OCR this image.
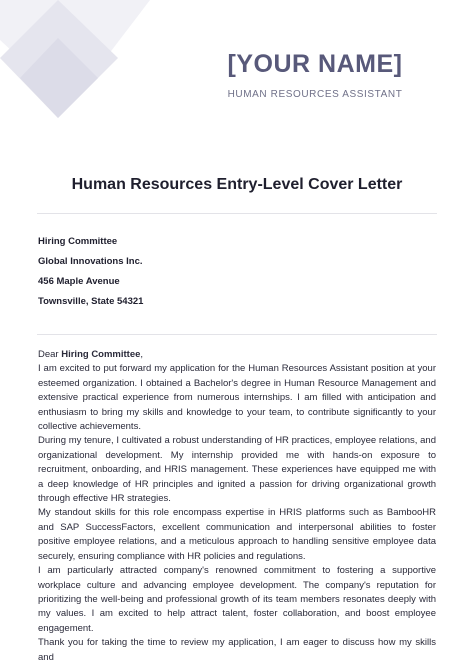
[YOUR NAME]
HUMAN RESOURCES ASSISTANT
Human Resources Entry-Level Cover Letter
Hiring Committee
Global Innovations Inc.
456 Maple Avenue
Townsville, State 54321

Dear Hiring Committee,

I am excited to put forward my application for the Human Resources Assistant position at your esteemed organization. I obtained a Bachelor's degree in Human Resource Management and extensive practical experience from numerous internships. I am filled with anticipation and enthusiasm to bring my skills and knowledge to your team, to contribute significantly to your collective achievements.

During my tenure, I cultivated a robust understanding of HR practices, employee relations, and organizational development. My internship provided me with hands-on exposure to recruitment, onboarding, and HRIS management. These experiences have equipped me with a deep knowledge of HR principles and ignited a passion for driving organizational growth through effective HR strategies.

My standout skills for this role encompass expertise in HRIS platforms such as BambooHR and SAP SuccessFactors, excellent communication and interpersonal abilities to foster positive employee relations, and a meticulous approach to handling sensitive employee data securely, ensuring compliance with HR policies and regulations.

I am particularly attracted company's renowned commitment to fostering a supportive workplace culture and advancing employee development. The company's reputation for prioritizing the well-being and professional growth of its team members resonates deeply with my values. I am excited to help attract talent, foster collaboration, and boost employee engagement.

Thank you for taking the time to review my application, I am eager to discuss how my skills and
